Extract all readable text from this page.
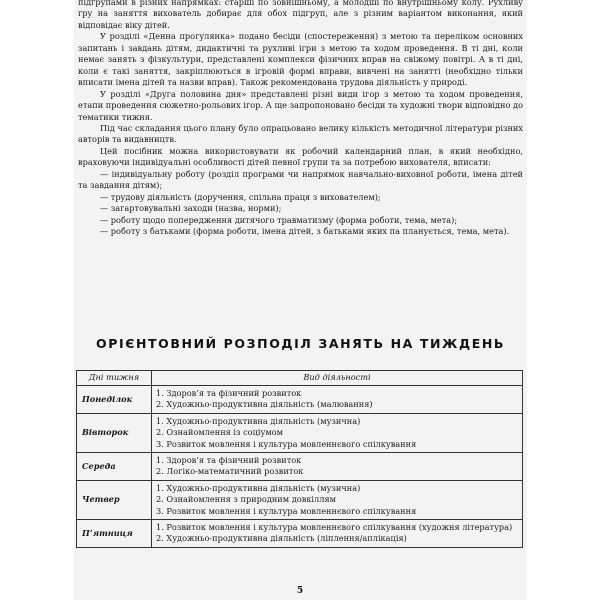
підгрупами в різних напрямках: старші по зовнішньому, а молодші по внутрішньому колу. Рухливу гру на заняття вихователь добирає для обох підгруп, але з різним варіантом виконання, який відповідає віку дітей.

У розділі «Денна прогулянка» подано бесіди (спостереження) з метою та переліком основних запитань і завдань дітям, дидактичні та рухливі ігри з метою та ходом проведення. В ті дні, коли немає занять з фізкультури, представлені комплекси фізичних вправ на свіжому повітрі. А в ті дні, коли є такі заняття, закріплюються в ігровій формі вправи, вивчені на занятті (необхідно тільки вписати імена дітей та назви вправ). Також рекомендована трудова діяльність у природі.

У розділі «Друга половина дня» представлені різні види ігор з метою та ходом проведення, етапи проведення сюжетно-рольових ігор. А ще запропоновано бесіди та художні твори відповідно до тематики тижня.

Під час складання цього плану було опрацьовано велику кількість методичної літератури різних авторів та видавництв.

Цей посібник можна використовувати як робочий календарний план, в який необхідно, враховуючи індивідуальні особливості дітей певної групи та за потребою вихователя, вписати:

— індивідуальну роботу (розділ програми чи напрямок навчально-виховної роботи, імена дітей та завдання дітям);

— трудову діяльність (доручення, спільна праця з вихователем);

— загартовувальні заходи (назва, норми);

— роботу щодо попередження дитячого травматизму (форма роботи, тема, мета);

— роботу з батьками (форма роботи, імена дітей, з батьками яких па планується, тема, мета).

ОРІЄНТОВНИЙ РОЗПОДІЛ ЗАНЯТЬ НА ТИЖДЕНЬ
Дні тижня	Вид діяльності
Понеділок	1. Здоров’я та фізичний розвиток
2. Художньо-продуктивна діяльність (малювання)

Вівторок	1. Художньо-продуктивна діяльність (музична)
2. Ознайомлення із соціумом
3. Розвиток мовлення і культура мовленнєвого спілкування

Середа	1. Здоров’я та фізичний розвиток
2. Логіко-математичний розвиток

Четвер	1. Художньо-продуктивна діяльність (музична)
2. Ознайомлення з природним довкіллям
3. Розвиток мовлення і культура мовленнєвого спілкування

П’ятниця	1. Розвиток мовлення і культура мовленнєвого спілкування (художня література)
2. Художньо-продуктивна діяльність (ліплення/аплікація)
5
